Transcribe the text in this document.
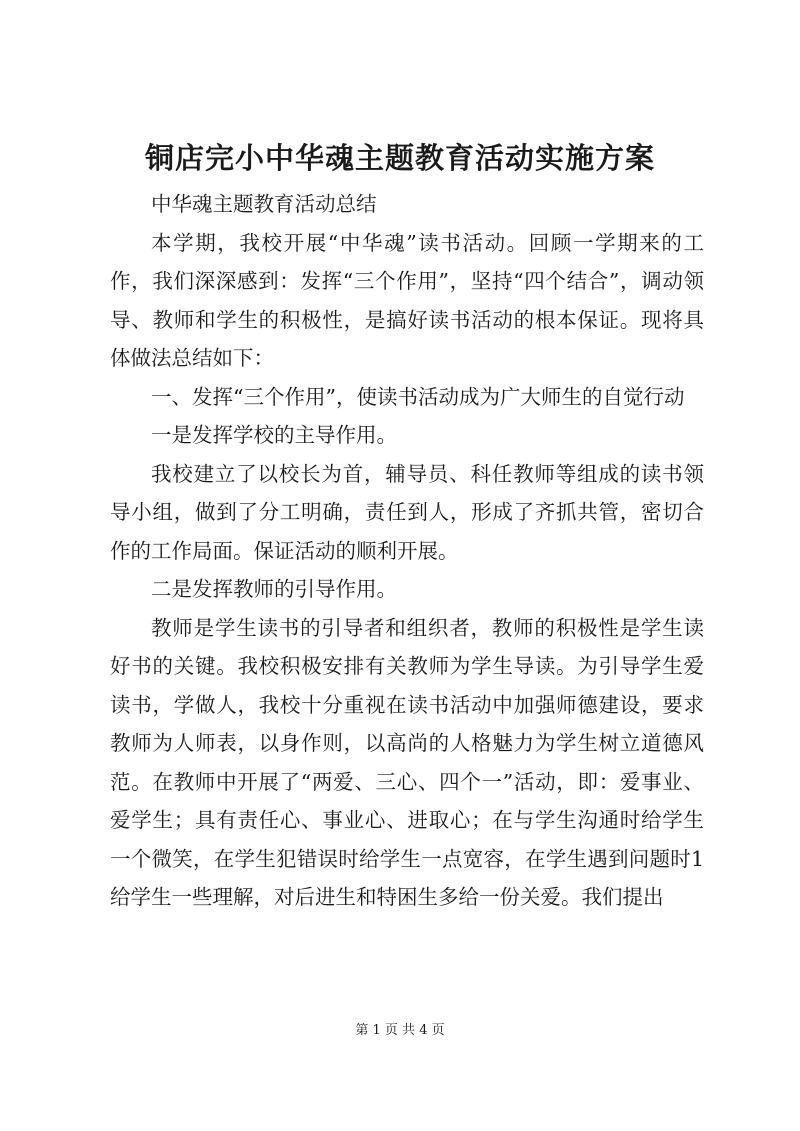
铜店完小中华魂主题教育活动实施方案

中华魂主题教育活动总结

本学期，我校开展“中华魂”读书活动。回顾一学期来的工作，我们深深感到：发挥“三个作用”，坚持“四个结合”，调动领导、教师和学生的积极性，是搞好读书活动的根本保证。现将具体做法总结如下：

一、发挥“三个作用”，使读书活动成为广大师生的自觉行动

一是发挥学校的主导作用。

我校建立了以校长为首，辅导员、科任教师等组成的读书领导小组，做到了分工明确，责任到人，形成了齐抓共管，密切合作的工作局面。保证活动的顺利开展。

二是发挥教师的引导作用。

教师是学生读书的引导者和组织者，教师的积极性是学生读好书的关键。我校积极安排有关教师为学生导读。为引导学生爱读书，学做人，我校十分重视在读书活动中加强师德建设，要求教师为人师表，以身作则，以高尚的人格魅力为学生树立道德风范。在教师中开展了“两爱、三心、四个一”活动，即：爱事业、爱学生；具有责任心、事业心、进取心；在与学生沟通时给学生一个微笑，在学生犯错误时给学生一点宽容，在学生遇到问题时1给学生一些理解，对后进生和特困生多给一份关爱。我们提出

第 1 页 共 4 页
